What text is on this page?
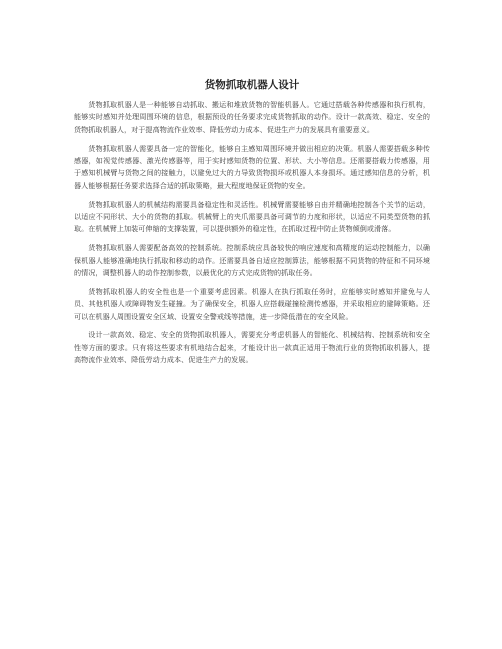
货物抓取机器人设计

货物抓取机器人是一种能够自动抓取、搬运和堆放货物的智能机器人。它通过搭载各种传感器和执行机构，能够实时感知并处理周围环境的信息，根据预设的任务要求完成货物抓取的动作。设计一款高效、稳定、安全的货物抓取机器人，对于提高物流作业效率、降低劳动力成本、促进生产力的发展具有重要意义。

货物抓取机器人需要具备一定的智能化，能够自主感知周围环境并做出相应的决策。机器人需要搭载多种传感器，如视觉传感器、激光传感器等，用于实时感知货物的位置、形状、大小等信息。还需要搭载力传感器，用于感知机械臂与货物之间的接触力，以避免过大的力导致货物损坏或机器人本身损坏。通过感知信息的分析，机器人能够根据任务要求选择合适的抓取策略，最大程度地保证货物的安全。

货物抓取机器人的机械结构需要具备稳定性和灵活性。机械臂需要能够自由并精确地控制各个关节的运动，以适应不同形状、大小的货物的抓取。机械臂上的夹爪需要具备可调节的力度和形状，以适应不同类型货物的抓取。在机械臂上加装可伸缩的支撑装置，可以提供额外的稳定性，在抓取过程中防止货物倾倒或滑落。

货物抓取机器人需要配备高效的控制系统。控制系统应具备较快的响应速度和高精度的运动控制能力，以确保机器人能够准确地执行抓取和移动的动作。还需要具备自适应控制算法，能够根据不同货物的特征和不同环境的情况，调整机器人的动作控制参数，以最优化的方式完成货物的抓取任务。

货物抓取机器人的安全性也是一个重要考虑因素。机器人在执行抓取任务时，应能够实时感知并避免与人员、其他机器人或障碍物发生碰撞。为了确保安全，机器人应搭载碰撞检测传感器，并采取相应的避障策略。还可以在机器人周围设置安全区域、设置安全警戒线等措施，进一步降低潜在的安全风险。

设计一款高效、稳定、安全的货物抓取机器人，需要充分考虑机器人的智能化、机械结构、控制系统和安全性等方面的要求。只有将这些要求有机地结合起来，才能设计出一款真正适用于物流行业的货物抓取机器人，提高物流作业效率、降低劳动力成本、促进生产力的发展。
